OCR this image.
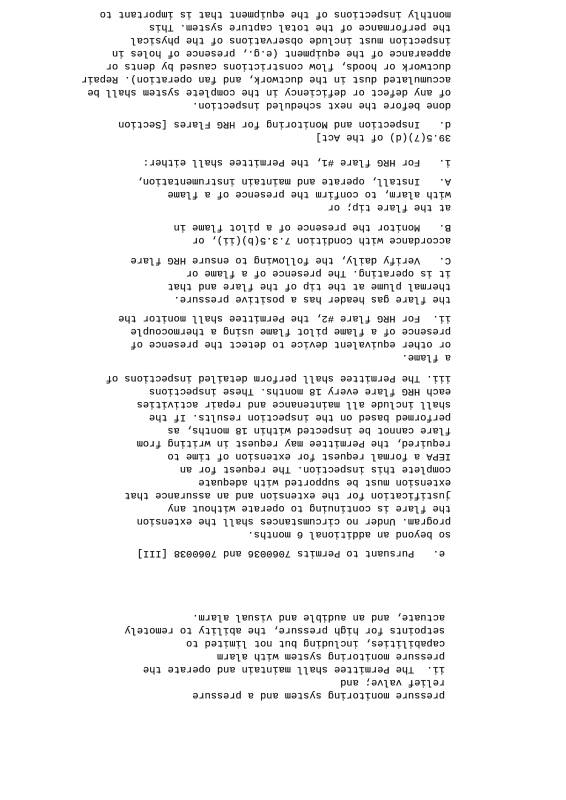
pressure monitoring system and a pressure
relief valve; and
ii.  The Permittee shall maintain and operate the
pressure monitoring system with alarm
capabilities, including but not limited to
setpoints for high pressure, the ability to remotely
actuate, and an audible and visual alarm.
e.   Pursuant to Permits 7060036 and 7060038 [III]
so beyond an additional 6 months.
program. Under no circumstances shall the extension
the flare is continuing to operate without any
justification for the extension and an assurance that
extension must be supported with adequate
complete this inspection. The request for an
IEPA a formal request for extension of time to
required, the Permittee may request in writing from
flare cannot be inspected within 18 months, as
performed based on the inspection results. If the
shall include all maintenance and repair activities
each HRG flare every 18 months. These inspections
iii. The Permittee shall perform detailed inspections of
a flame.
or other equivalent device to detect the presence of
presence of a flame pilot flame using a thermocouple
ii.  For HRG flare #2, the Permittee shall monitor the
the flare gas header has a positive pressure.
thermal plume at the tip of the flare and that
it is operating. The presence of a flame or
C.   Verify daily, the following to ensure HRG flare
accordance with Condition 7.3.5(b)(ii), or
B.   Monitor the presence of a pilot flame in
at the flare tip; or
with alarm, to confirm the presence of a flame
A.   Install, operate and maintain instrumentation,
i.   For HRG flare #1, the Permittee shall either:
39.5(7)(d) of the Act]
d.   Inspection and Monitoring for HRG Flares [Section
done before the next scheduled inspection.
of any defect or deficiency in the complete system shall be
accumulated dust in the ductwork, and fan operation). Repair
ductwork or hoods, flow constrictions caused by dents or
appearance of the equipment (e.g., presence of holes in
inspection must include observations of the physical
the performance of the total capture system. This
monthly inspections of the equipment that is important to
